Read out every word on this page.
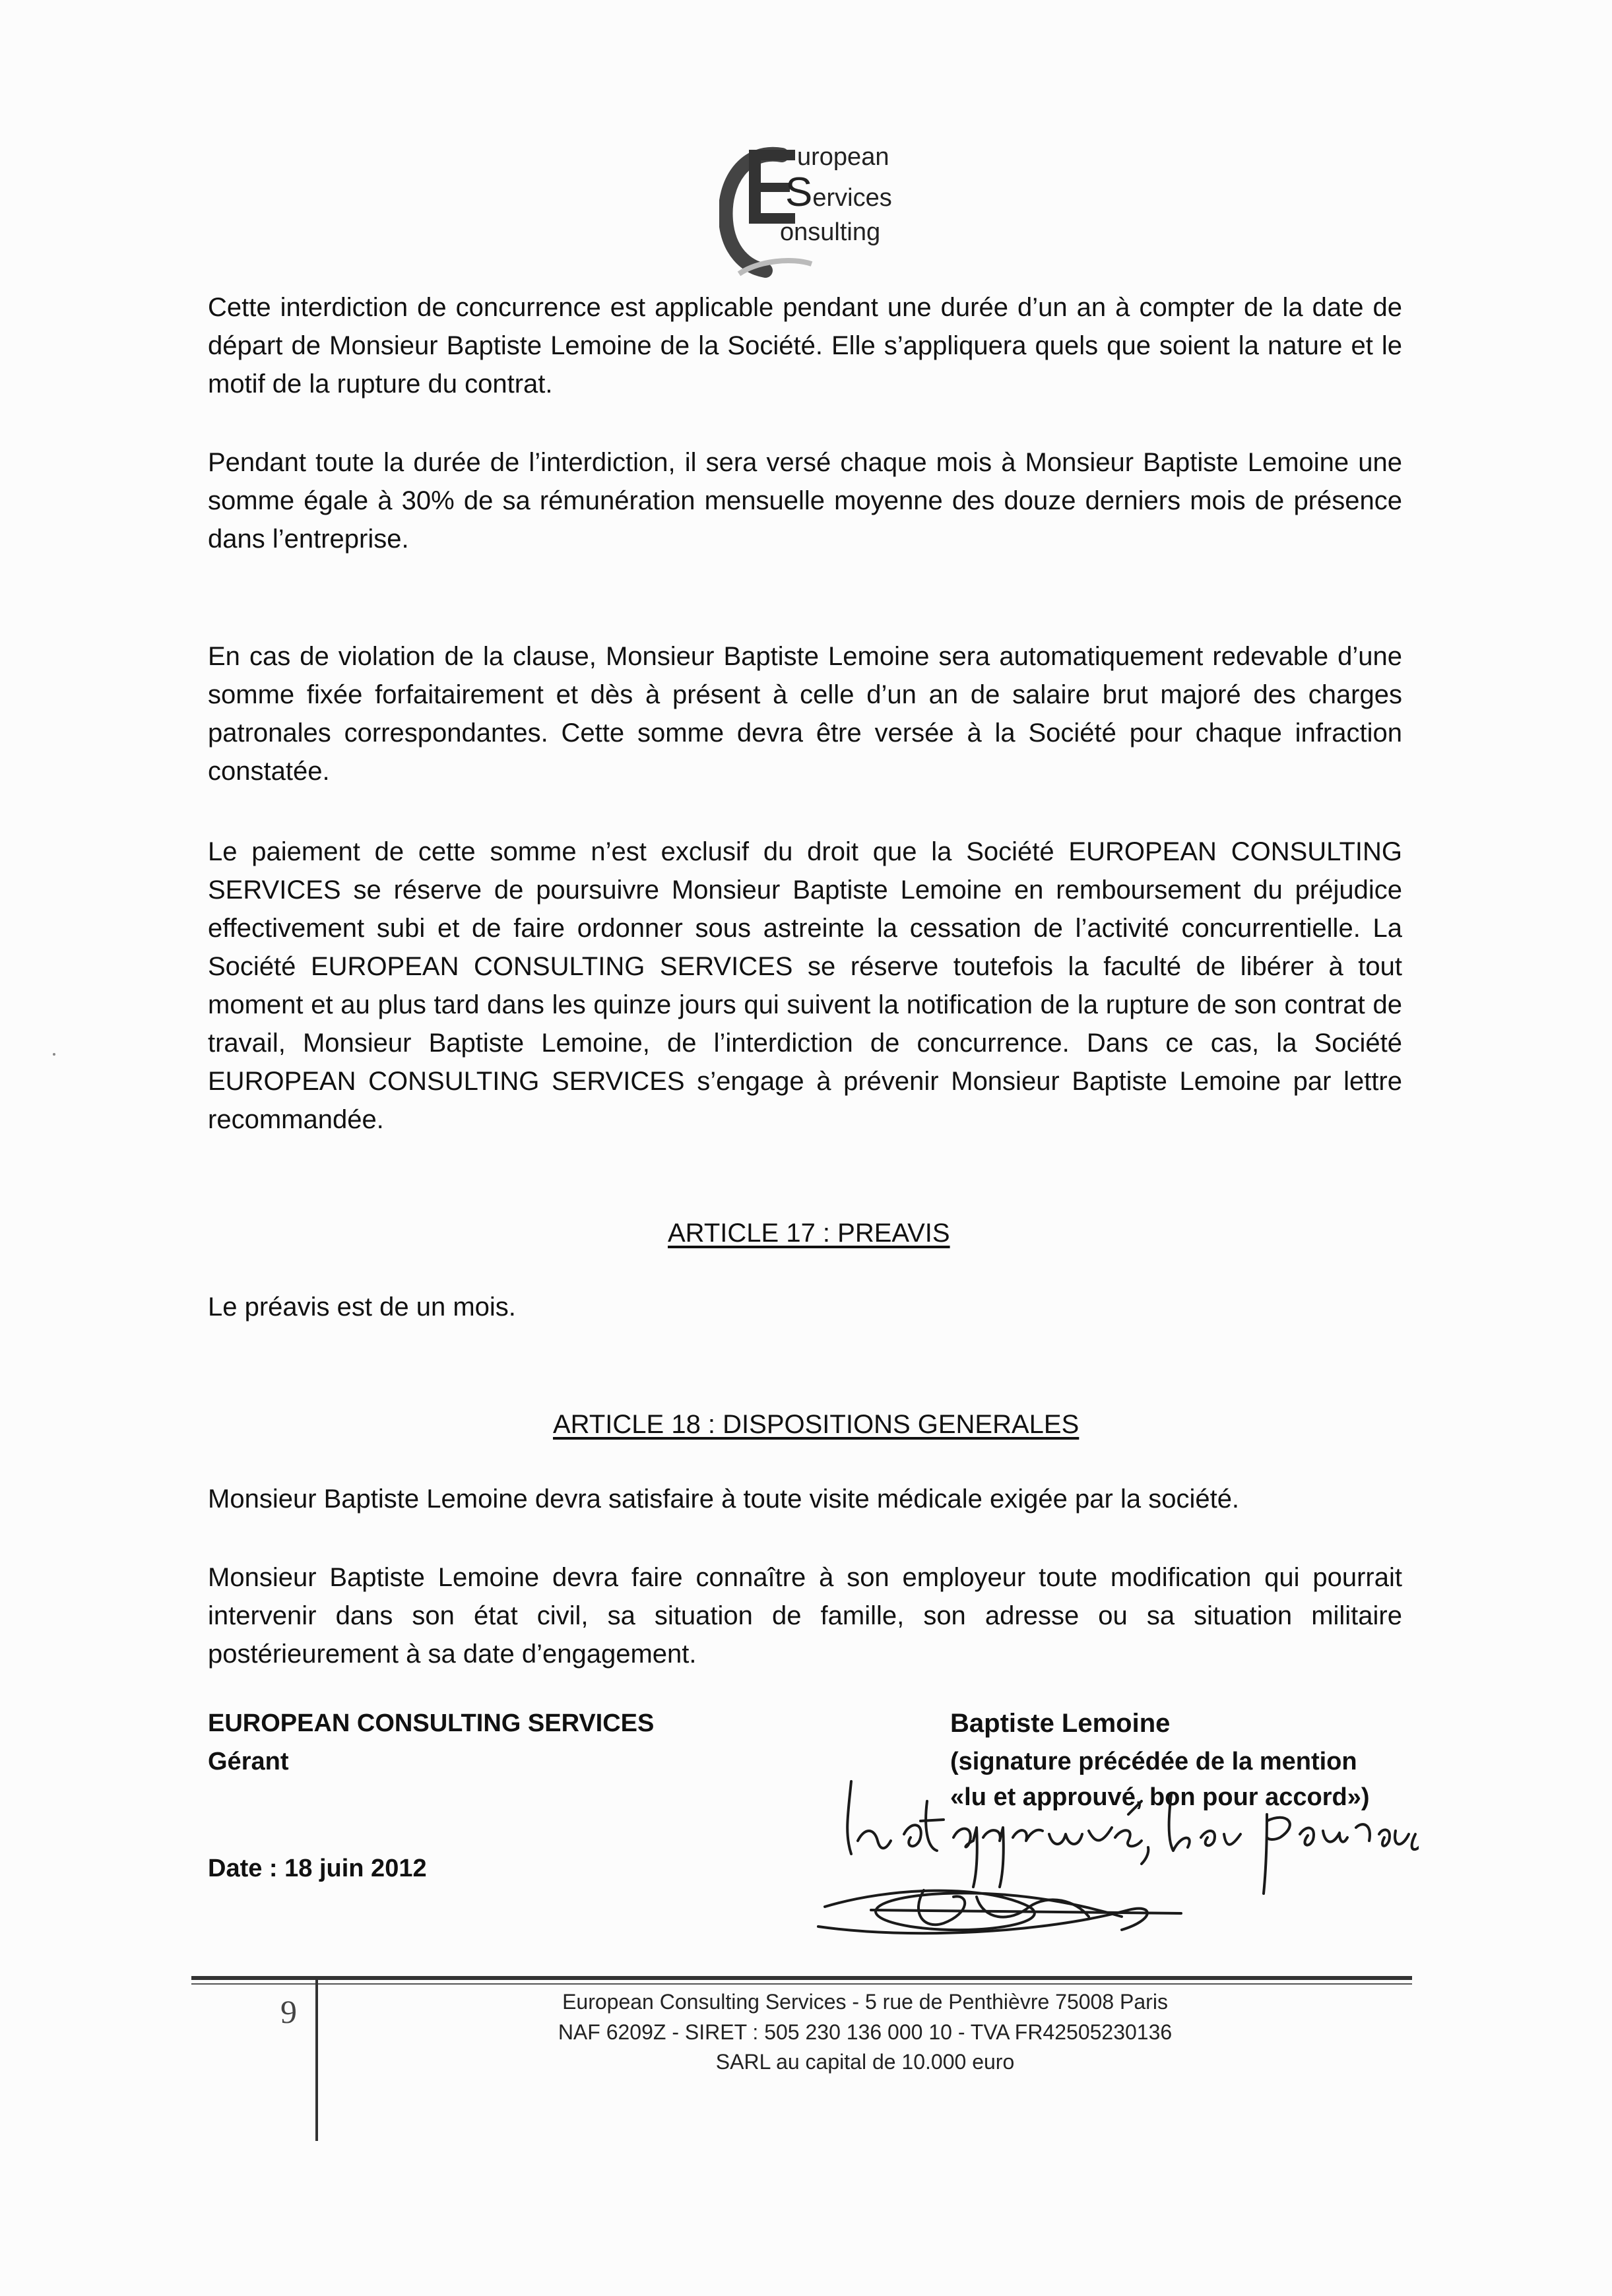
uropean
Services
onsulting
Cette interdiction de concurrence est applicable pendant une durée d’un an à compter de la date de départ de Monsieur Baptiste Lemoine de la Société. Elle s’appliquera quels que soient la nature et le motif de la rupture du contrat.
Pendant toute la durée de l’interdiction, il sera versé chaque mois à Monsieur Baptiste Lemoine une somme égale à 30% de sa rémunération mensuelle moyenne des douze derniers mois de présence dans l’entreprise.
En cas de violation de la clause, Monsieur Baptiste Lemoine sera automatiquement redevable d’une somme fixée forfaitairement et dès à présent à celle d’un an de salaire brut majoré des charges patronales correspondantes. Cette somme devra être versée à la Société pour chaque infraction constatée.
Le paiement de cette somme n’est exclusif du droit que la Société EUROPEAN CONSULTING SERVICES se réserve de poursuivre Monsieur Baptiste Lemoine en remboursement du préjudice effectivement subi et de faire ordonner sous astreinte la cessation de l’activité concurrentielle. La Société EUROPEAN CONSULTING SERVICES se réserve toutefois la faculté de libérer à tout moment et au plus tard dans les quinze jours qui suivent la notification de la rupture de son contrat de travail, Monsieur Baptiste Lemoine, de l’interdiction de concurrence. Dans ce cas, la Société EUROPEAN CONSULTING SERVICES s’engage à prévenir Monsieur Baptiste Lemoine par lettre recommandée.
ARTICLE 17 : PREAVIS
Le préavis est de un mois.
ARTICLE 18 : DISPOSITIONS GENERALES
Monsieur Baptiste Lemoine devra satisfaire à toute visite médicale exigée par la société.
Monsieur Baptiste Lemoine devra faire connaître à son employeur toute modification qui pourrait intervenir dans son état civil, sa situation de famille, son adresse ou sa situation militaire postérieurement à sa date d’engagement.
EUROPEAN CONSULTING SERVICES
Gérant
Date : 18 juin 2012
Baptiste Lemoine
(signature précédée de la mention
«lu et approuvé, bon pour accord»)
9	European Consulting Services - 5 rue de Penthièvre 75008 Paris
NAF 6209Z - SIRET : 505 230 136 000 10 - TVA FR42505230136
SARL au capital de 10.000 euro
